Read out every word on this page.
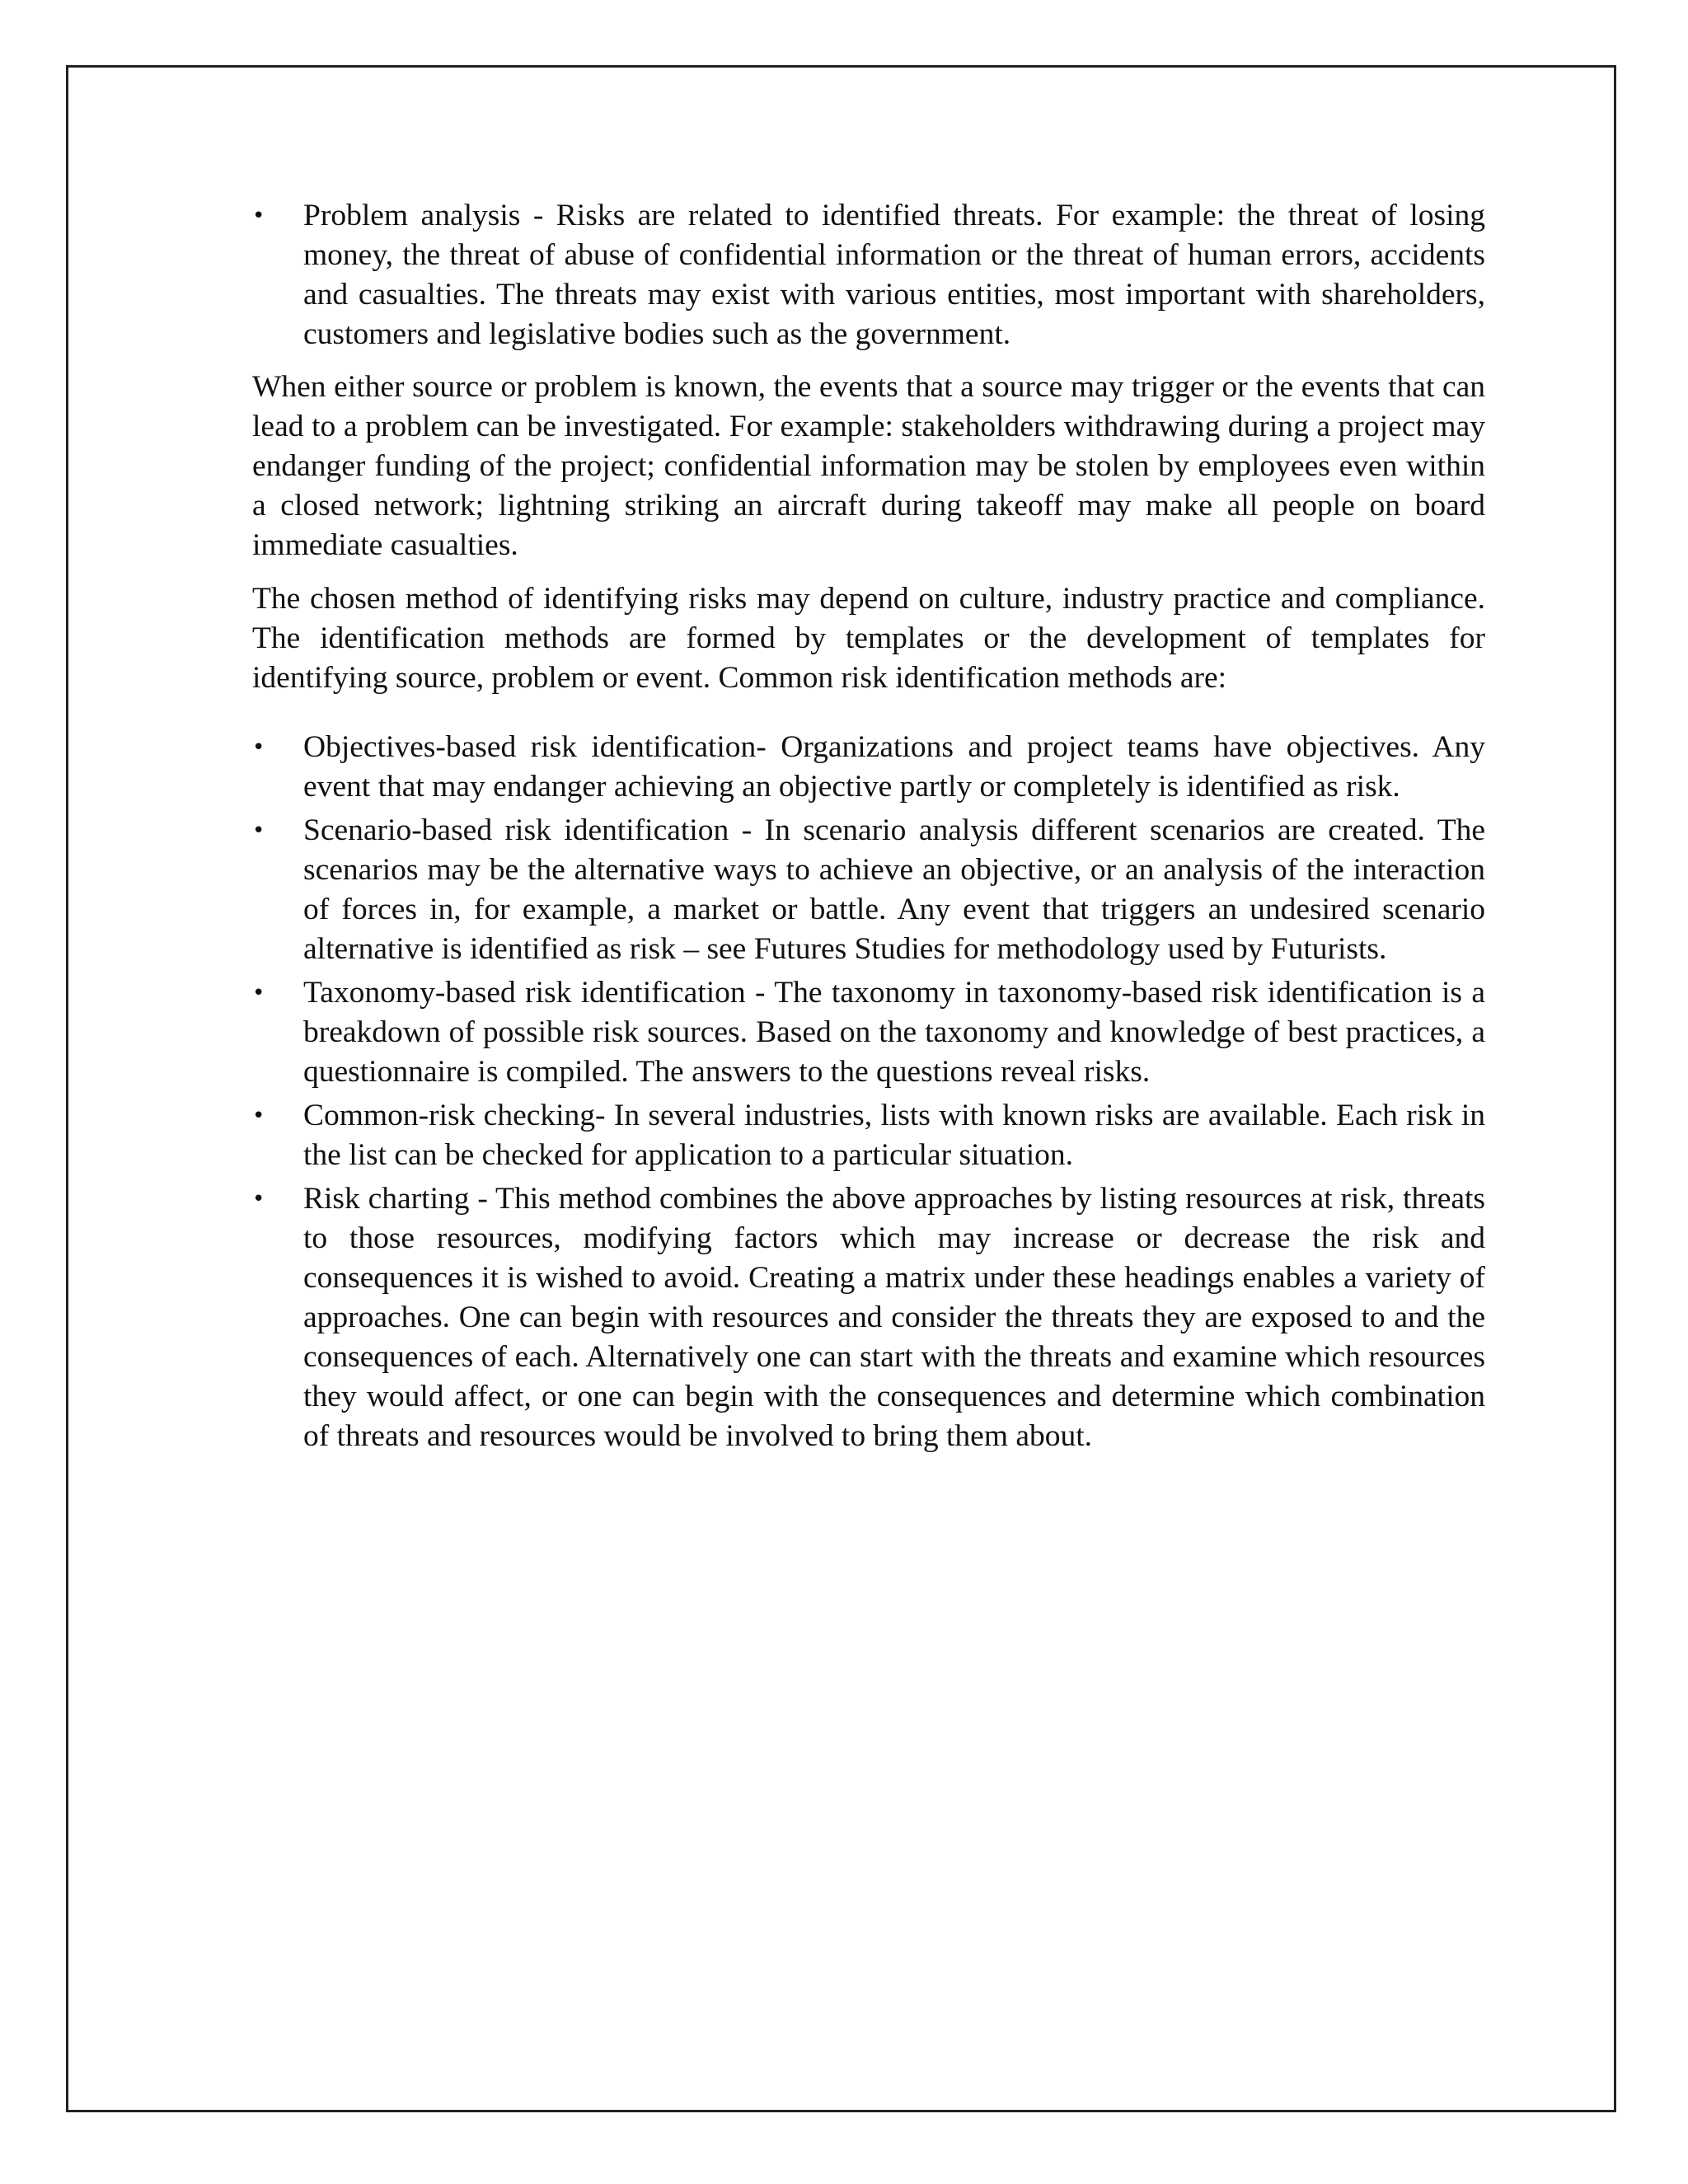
•	Problem analysis - Risks are related to identified threats. For example: the threat of losing money, the threat of abuse of confidential information or the threat of human errors, accidents and casualties. The threats may exist with various entities, most important with shareholders, customers and legislative bodies such as the government.

When either source or problem is known, the events that a source may trigger or the events that can lead to a problem can be investigated. For example: stakeholders withdrawing during a project may endanger funding of the project; confidential information may be stolen by employees even within a closed network; lightning striking an aircraft during takeoff may make all people on board immediate casualties.

The chosen method of identifying risks may depend on culture, industry practice and compliance. The identification methods are formed by templates or the development of templates for identifying source, problem or event. Common risk identification methods are:

•	Objectives-based risk identification- Organizations and project teams have objectives. Any event that may endanger achieving an objective partly or completely is identified as risk.
•	Scenario-based risk identification - In scenario analysis different scenarios are created. The scenarios may be the alternative ways to achieve an objective, or an analysis of the interaction of forces in, for example, a market or battle. Any event that triggers an undesired scenario alternative is identified as risk – see Futures Studies for methodology used by Futurists.
•	Taxonomy-based risk identification - The taxonomy in taxonomy-based risk identification is a breakdown of possible risk sources. Based on the taxonomy and knowledge of best practices, a questionnaire is compiled. The answers to the questions reveal risks.
•	Common-risk checking- In several industries, lists with known risks are available. Each risk in the list can be checked for application to a particular situation.
•	Risk charting - This method combines the above approaches by listing resources at risk, threats to those resources, modifying factors which may increase or decrease the risk and consequences it is wished to avoid. Creating a matrix under these headings enables a variety of approaches. One can begin with resources and consider the threats they are exposed to and the consequences of each. Alternatively one can start with the threats and examine which resources they would affect, or one can begin with the consequences and determine which combination of threats and resources would be involved to bring them about.
